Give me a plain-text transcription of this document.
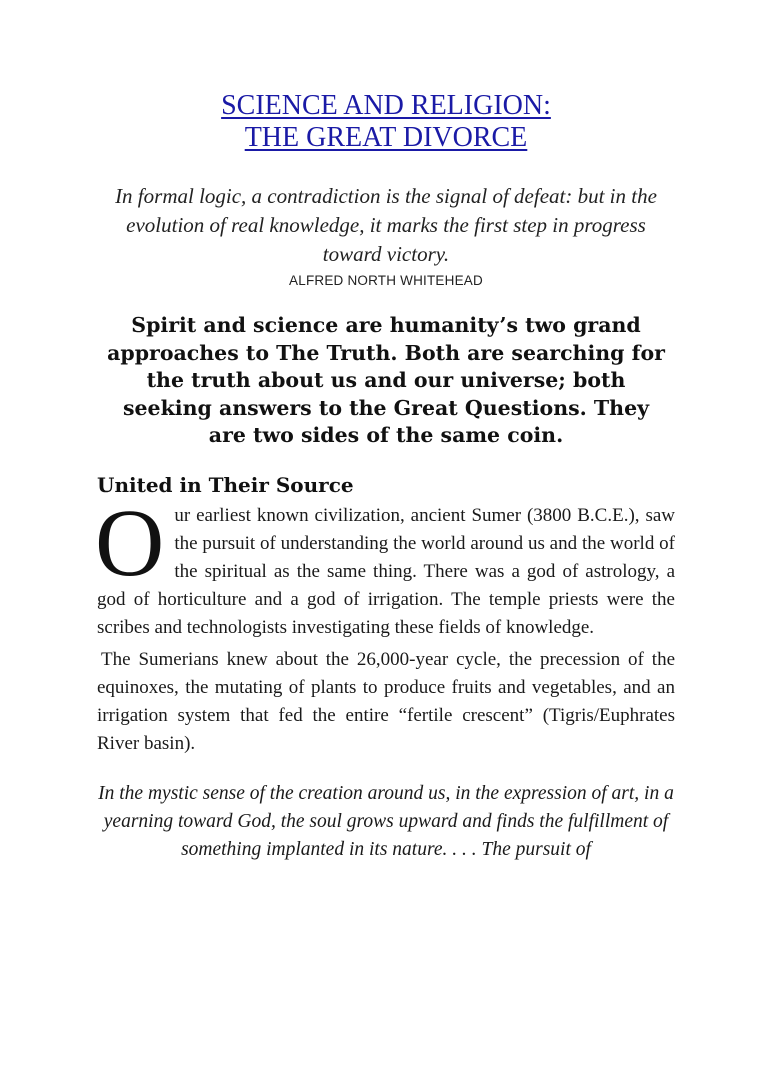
SCIENCE AND RELIGION:
THE GREAT DIVORCE
In formal logic, a contradiction is the signal of defeat: but in the evolution of real knowledge, it marks the first step in progress toward victory.
ALFRED NORTH WHITEHEAD
Spirit and science are humanity’s two grand approaches to The Truth. Both are searching for the truth about us and our universe; both seeking answers to the Great Questions. They are two sides of the same coin.
United in Their Source

Our earliest known civilization, ancient Sumer (3800 B.C.E.), saw the pursuit of understanding the world around us and the world of the spiritual as the same thing. There was a god of astrology, a god of horticulture and a god of irrigation. The temple priests were the scribes and technologists investigating these fields of knowledge.

The Sumerians knew about the 26,000-year cycle, the precession of the equinoxes, the mutating of plants to produce fruits and vegetables, and an irrigation system that fed the entire “fertile crescent” (Tigris/Euphrates River basin).

In the mystic sense of the creation around us, in the expression of art, in a yearning toward God, the soul grows upward and finds the fulfillment of something implanted in its nature. . . . The pursuit of
